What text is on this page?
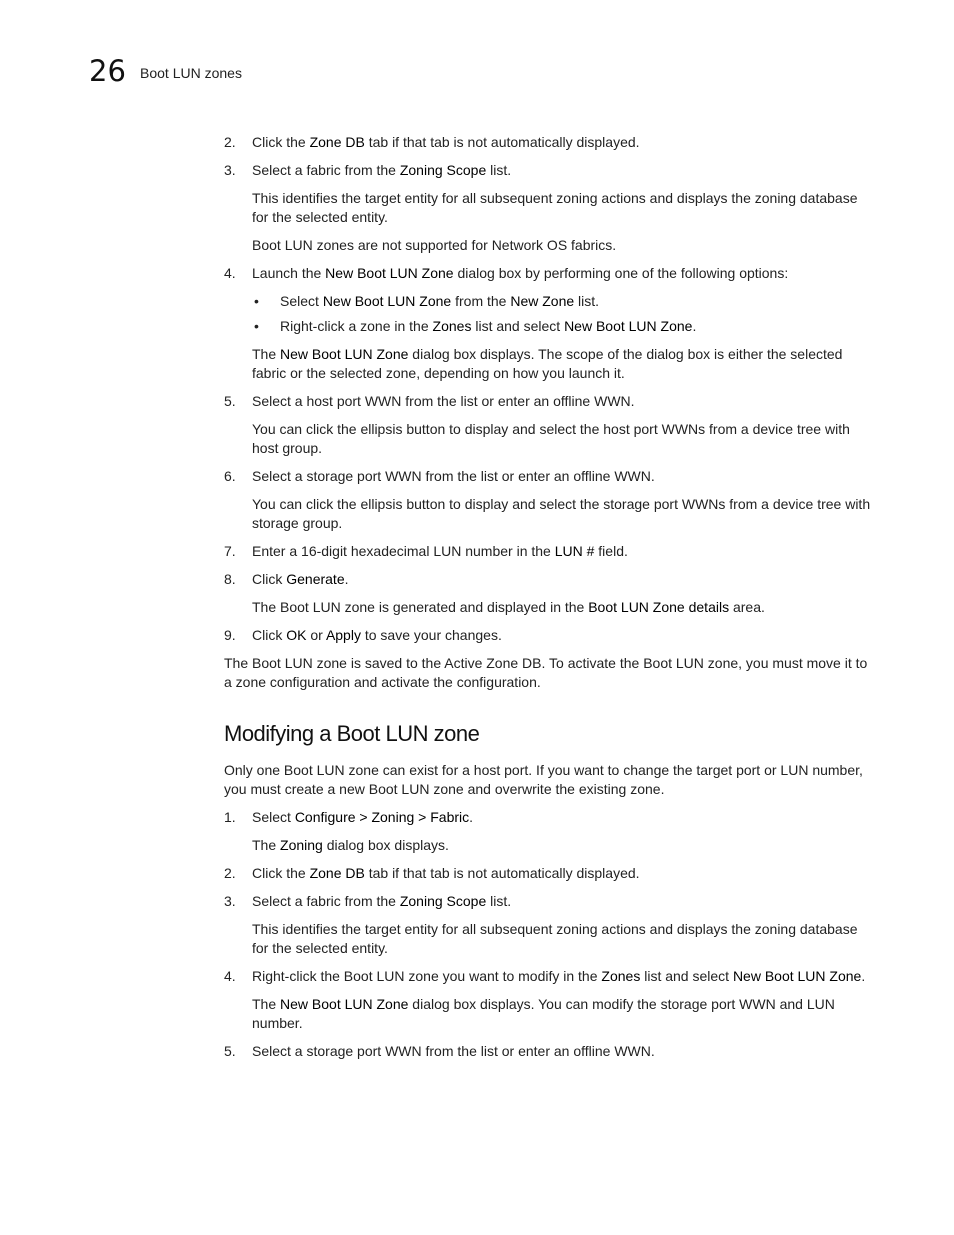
26 Boot LUN zones
2. Click the Zone DB tab if that tab is not automatically displayed.
3. Select a fabric from the Zoning Scope list.
This identifies the target entity for all subsequent zoning actions and displays the zoning database for the selected entity.
Boot LUN zones are not supported for Network OS fabrics.
4. Launch the New Boot LUN Zone dialog box by performing one of the following options:
• Select New Boot LUN Zone from the New Zone list.
• Right-click a zone in the Zones list and select New Boot LUN Zone.
The New Boot LUN Zone dialog box displays. The scope of the dialog box is either the selected fabric or the selected zone, depending on how you launch it.
5. Select a host port WWN from the list or enter an offline WWN.
You can click the ellipsis button to display and select the host port WWNs from a device tree with host group.
6. Select a storage port WWN from the list or enter an offline WWN.
You can click the ellipsis button to display and select the storage port WWNs from a device tree with storage group.
7. Enter a 16-digit hexadecimal LUN number in the LUN # field.
8. Click Generate.
The Boot LUN zone is generated and displayed in the Boot LUN Zone details area.
9. Click OK or Apply to save your changes.
The Boot LUN zone is saved to the Active Zone DB. To activate the Boot LUN zone, you must move it to a zone configuration and activate the configuration.
Modifying a Boot LUN zone
Only one Boot LUN zone can exist for a host port. If you want to change the target port or LUN number, you must create a new Boot LUN zone and overwrite the existing zone.
1. Select Configure > Zoning > Fabric.
The Zoning dialog box displays.
2. Click the Zone DB tab if that tab is not automatically displayed.
3. Select a fabric from the Zoning Scope list.
This identifies the target entity for all subsequent zoning actions and displays the zoning database for the selected entity.
4. Right-click the Boot LUN zone you want to modify in the Zones list and select New Boot LUN Zone.
The New Boot LUN Zone dialog box displays. You can modify the storage port WWN and LUN number.
5. Select a storage port WWN from the list or enter an offline WWN.
